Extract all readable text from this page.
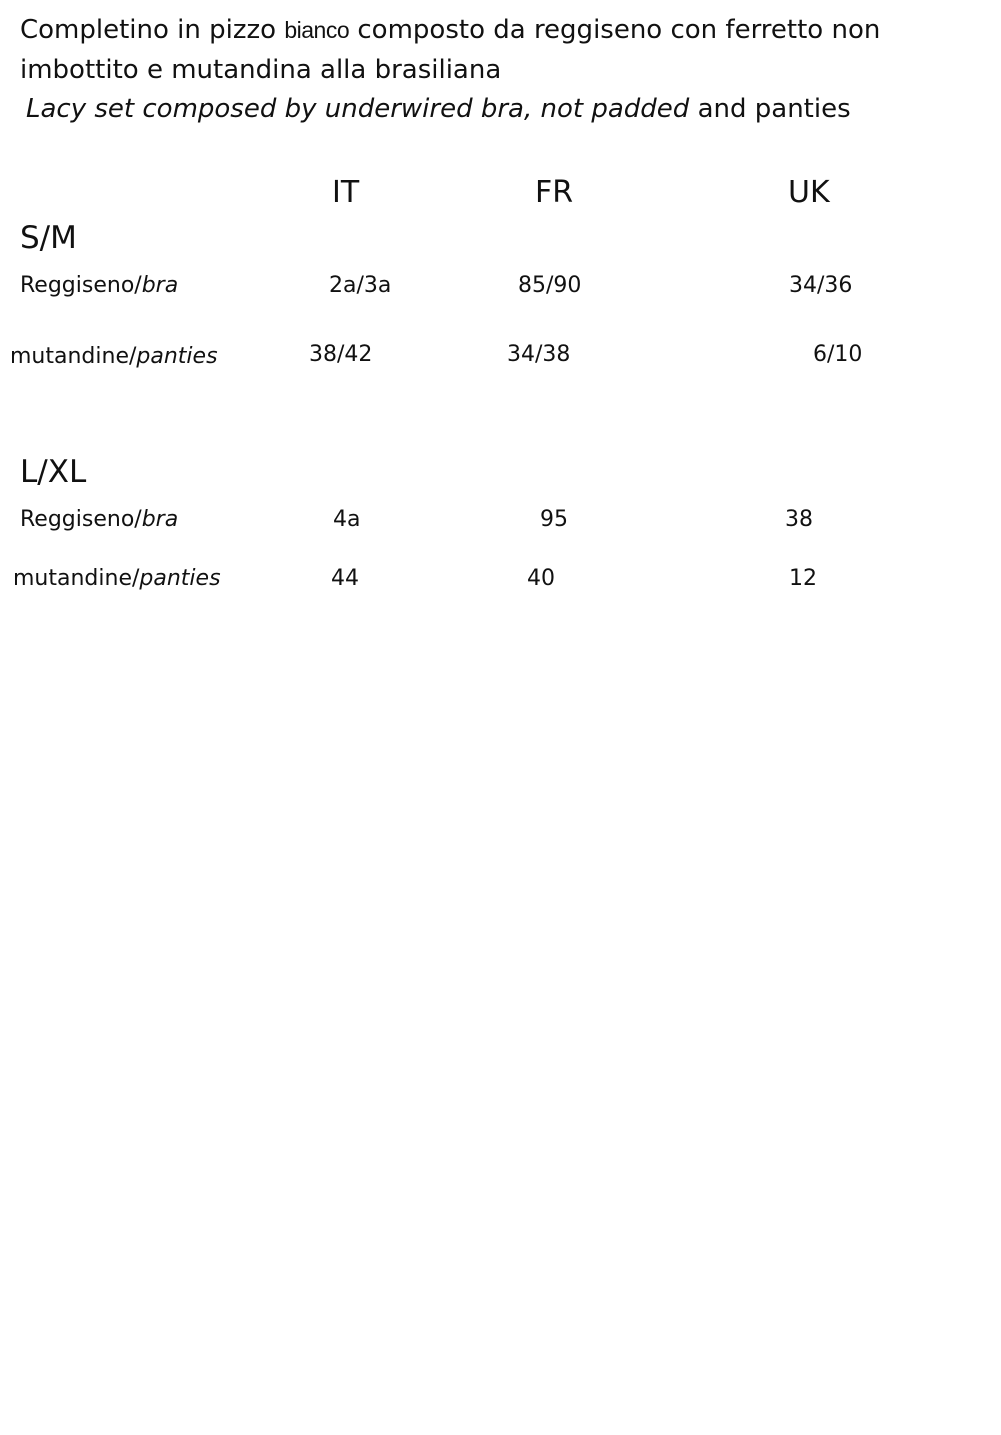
Completino in pizzo bianco composto da reggiseno con ferretto non
imbottito e mutandina alla brasiliana
Lacy set composed by underwired bra, not padded and panties
IT	FR	UK
S/M
Reggiseno/bra	2a/3a	85/90	34/36
mutandine/panties	38/42	34/38	6/10
L/XL
Reggiseno/bra	4a	95	38
mutandine/panties	44	40	12
